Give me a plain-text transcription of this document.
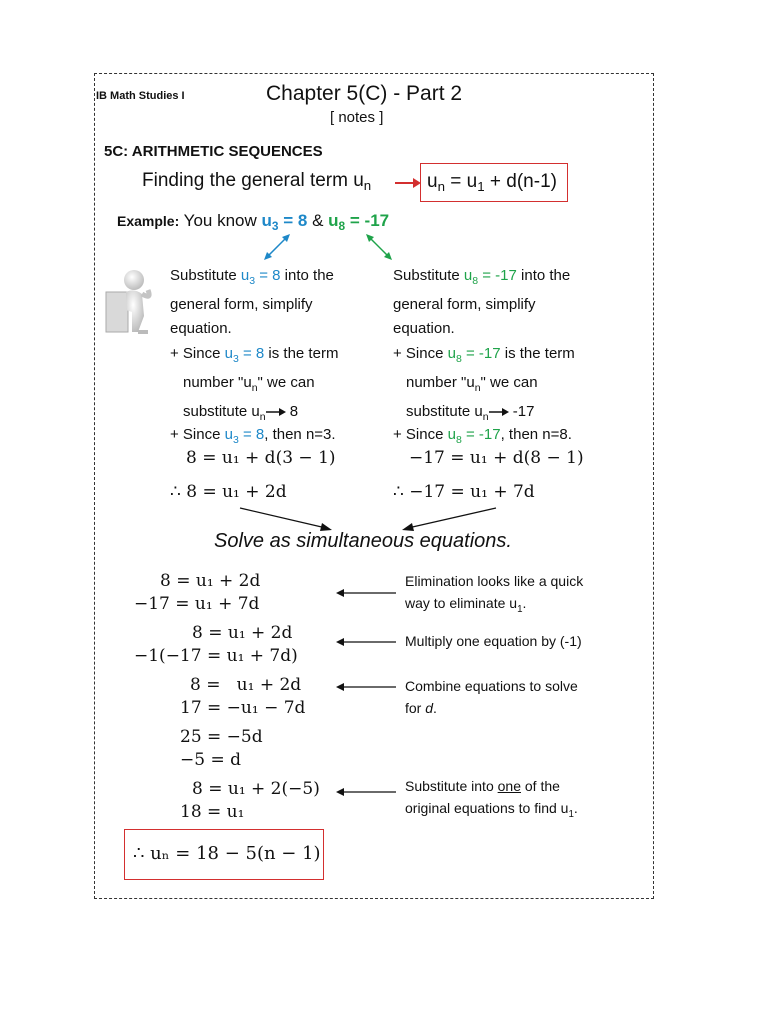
IB Math Studies I	Chapter 5(C) - Part 2
[ notes ]
5C: ARITHMETIC SEQUENCES
Finding the general term $u_n$	$u_n = u_1 + d(n-1)$
Example: You know $u_3 = 8$ & $u_8 = -17$
Substitute $u_3 = 8$ into the
general form, simplify
equation.
+ Since $u_3 = 8$ is the term
number "$u_n$" we can
substitute $u_n$ 8
+ Since $u_3 = 8$, then n=3.
8 = u₁ + d(3 − 1)
∴ 8 = u₁ + 2d
Substitute $u_8 = -17$ into the
general form, simplify
equation.
+ Since $u_8 = -17$ is the term
number "$u_n$" we can
substitute $u_n$ -17
+ Since $u_8 = -17$, then n=8.
−17 = u₁ + d(8 − 1)
∴ −17 = u₁ + 7d
Solve as simultaneous equations.
8 = u₁ + 2d
−17 = u₁ + 7d
8 = u₁ + 2d
−1(−17 = u₁ + 7d)
8 =   u₁ + 2d
17 = −u₁ − 7d
25 = −5d
−5 = d
8 = u₁ + 2(−5)
18 = u₁
∴ uₙ = 18 − 5(n − 1)
Elimination looks like a quick
way to eliminate $u_1$.
Multiply one equation by (-1)
Combine equations to solve
for d.
Substitute into one of the
original equations to find $u_1$.
